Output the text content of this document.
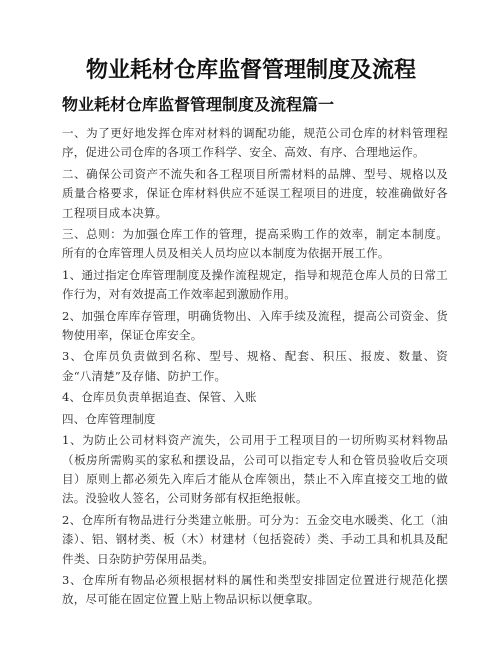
物业耗材仓库监督管理制度及流程
物业耗材仓库监督管理制度及流程篇一

一、为了更好地发挥仓库对材料的调配功能，规范公司仓库的材料管理程序，促进公司仓库的各项工作科学、安全、高效、有序、合理地运作。

二、确保公司资产不流失和各工程项目所需材料的品牌、型号、规格以及质量合格要求，保证仓库材料供应不延误工程项目的进度，较准确做好各工程项目成本决算。

三、总则：为加强仓库工作的管理，提高采购工作的效率，制定本制度。所有的仓库管理人员及相关人员均应以本制度为依据开展工作。

1、通过指定仓库管理制度及操作流程规定，指导和规范仓库人员的日常工作行为，对有效提高工作效率起到激励作用。

2、加强仓库库存管理，明确货物出、入库手续及流程，提高公司资金、货物使用率，保证仓库安全。

3、仓库员负责做到名称、型号、规格、配套、积压、报废、数量、资金“八清楚”及存储、防护工作。

4、仓库员负责单据追查、保管、入账

四、仓库管理制度

1、为防止公司材料资产流失，公司用于工程项目的一切所购买材料物品（板房所需购买的家私和摆设品，公司可以指定专人和仓管员验收后交项目）原则上都必须先入库后才能从仓库领出，禁止不入库直接交工地的做法。没验收人签名，公司财务部有权拒绝报帐。

2、仓库所有物品进行分类建立帐册。可分为：五金交电水暖类、化工（油漆）、铝、钢材类、板（木）材建材（包括瓷砖）类、手动工具和机具及配件类、日杂防护劳保用品类。

3、仓库所有物品必须根据材料的属性和类型安排固定位置进行规范化摆放，尽可能在固定位置上贴上物品识标以便拿取。
